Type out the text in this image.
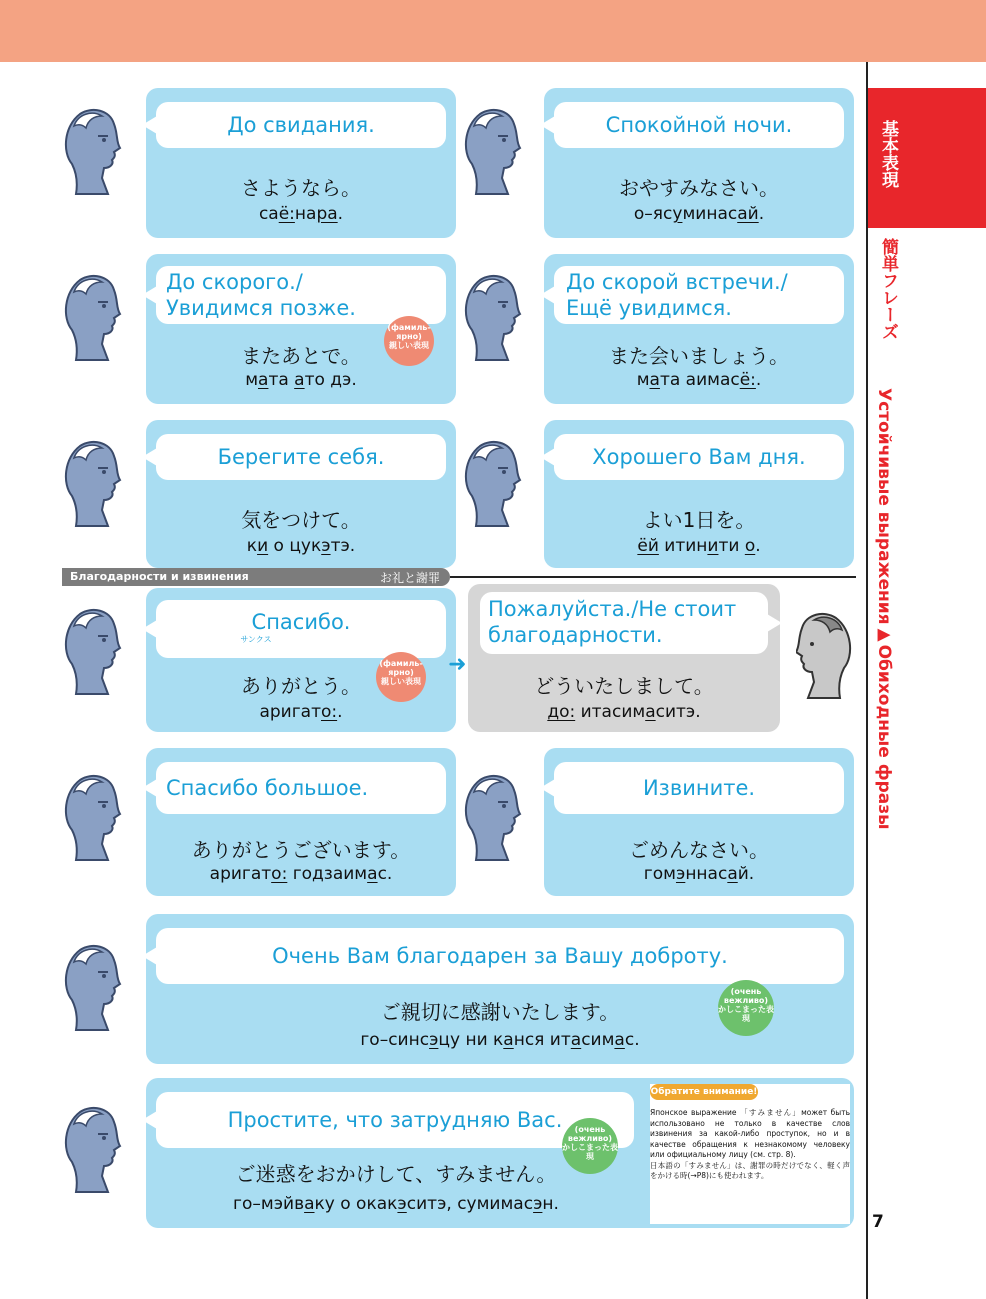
基本表現
簡単フレーズ
Устойчивые выражения▶Обиходные фразы
До свидания.
さようなら。
саё:нара.
Спокойной ночи.
おやすみなさい。
о–ясуминасай.
До скорого./
Увидимся позже.
またあとで。
мата ато дэ.
(фамиль-
ярно)
親しい表現
До скорой встречи./
Ещё увидимся.
また会いましょう。
мата аимасё:.
Берегите себя.
気をつけて。
ки о цукэтэ.
Хорошего Вам дня.
よい1日を。
ёй итинити о.
Благодарности и извинения	お礼と謝罪
Спасибо.
サンクス
ありがとう。
аригато:.
(фамиль-
ярно)
親しい表現
➜
Пожалуйста./Не стоит
благодарности.
どういたしまして。
до: итасимаситэ.
Спасибо большое.
ありがとうございます。
аригато: годзаимас.
Извините.
ごめんなさい。
гомэннасай.
Очень Вам благодарен за Вашу доброту.
ご親切に感謝いたします。
го–синсэцу ни канся итасимас.
(очень
вежливо)
かしこまった表現
Простите, что затрудняю Вас.
ご迷惑をおかけして、すみません。
го–мэйваку о окакэситэ, сумимасэн.
(очень
вежливо)
かしこまった表現
Обратите внимание!
Японское выражение 「すみません」может быть использовано не только в качестве слов извинения за какой-либо проступок, но и в качестве обращения к незнакомому человеку или официальному лицу (см. стр. 8).
日本語の「すみません」は、謝罪の時だけでなく、軽く声をかける時(→P8)にも使われます。
7
